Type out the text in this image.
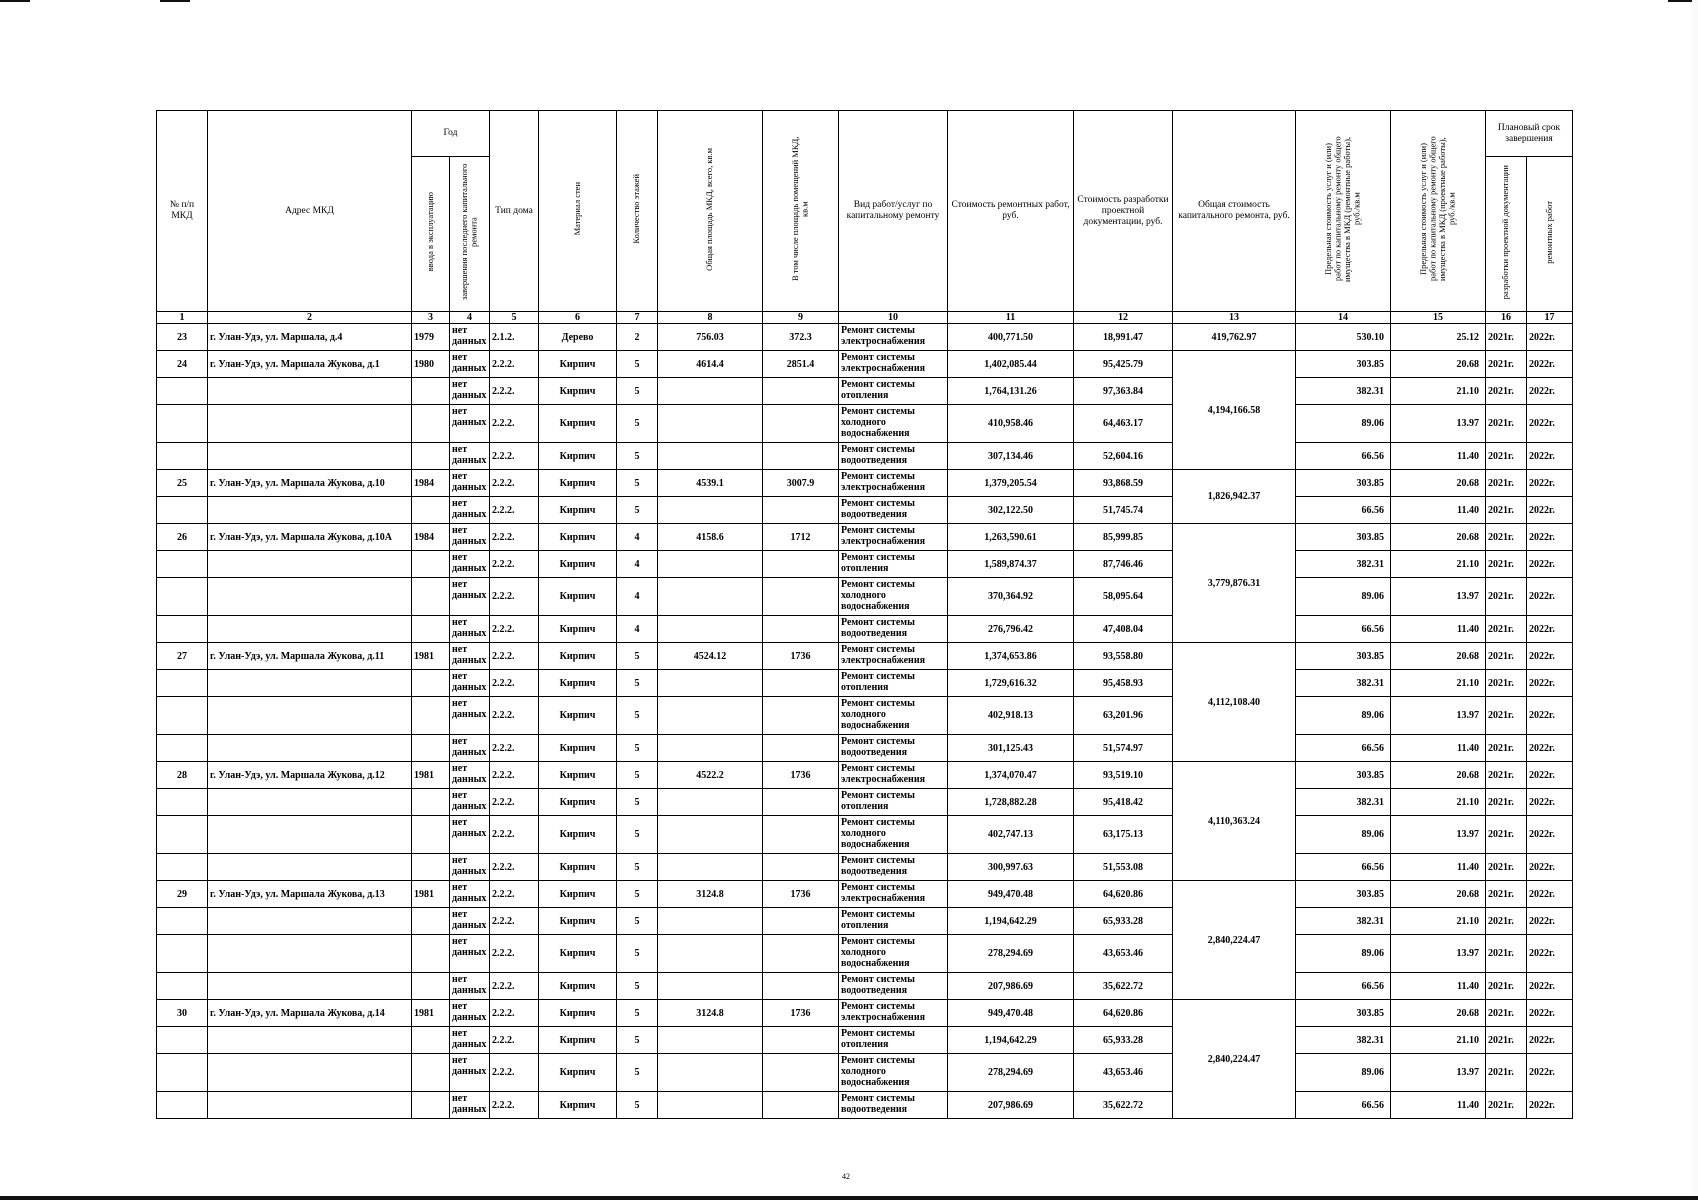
№ п/п МКД	Адрес МКД	Год		Тип дома	Материал стен	Количество этажей	Общая площадь МКД, всего, кв.м	В том числе площадь помещений МКД, кв.м	Вид работ/услуг по капитальному ремонту	Стоимость ремонтных работ, руб.	Стоимость разработки проектной документации, руб.	Общая стоимость капитального ремонта, руб.	Предельная стоимость услуг и (или) работ по капитальному ремонту общего имущества в МКД (ремонтные работы), руб./кв.м	Предельная стоимость услуг и (или) работ по капитальному ремонту общего имущества в МКД (проектные работы), руб./кв.м	Плановый срок завершения	
		ввода в эксплуатацию	завершения последнего капитального ремонта												разработки проектной документации	ремонтных работ
1	2	3	4	5	6	7	8	9	10	11	12	13	14	15	16	17
23	г. Улан-Удэ, ул. Маршала, д.4	1979	нет данных	2.1.2.	Дерево	2	756.03	372.3	Ремонт системы электроснабжения	400,771.50	18,991.47	419,762.97	530.10	25.12	2021г.	2022г.
24	г. Улан-Удэ, ул. Маршала Жукова, д.1	1980	нет данных	2.2.2.	Кирпич	5	4614.4	2851.4	Ремонт системы электроснабжения	1,402,085.44	95,425.79	4,194,166.58	303.85	20.68	2021г.	2022г.
			нет данных	2.2.2.	Кирпич	5			Ремонт системы отопления	1,764,131.26	97,363.84		382.31	21.10	2021г.	2022г.
			нет данных	2.2.2.	Кирпич	5			Ремонт системы холодного водоснабжения	410,958.46	64,463.17		89.06	13.97	2021г.	2022г.
			нет данных	2.2.2.	Кирпич	5			Ремонт системы водоотведения	307,134.46	52,604.16		66.56	11.40	2021г.	2022г.
25	г. Улан-Удэ, ул. Маршала Жукова, д.10	1984	нет данных	2.2.2.	Кирпич	5	4539.1	3007.9	Ремонт системы электроснабжения	1,379,205.54	93,868.59	1,826,942.37	303.85	20.68	2021г.	2022г.
			нет данных	2.2.2.	Кирпич	5			Ремонт системы водоотведения	302,122.50	51,745.74		66.56	11.40	2021г.	2022г.
26	г. Улан-Удэ, ул. Маршала Жукова, д.10А	1984	нет данных	2.2.2.	Кирпич	4	4158.6	1712	Ремонт системы электроснабжения	1,263,590.61	85,999.85	3,779,876.31	303.85	20.68	2021г.	2022г.
			нет данных	2.2.2.	Кирпич	4			Ремонт системы отопления	1,589,874.37	87,746.46		382.31	21.10	2021г.	2022г.
			нет данных	2.2.2.	Кирпич	4			Ремонт системы холодного водоснабжения	370,364.92	58,095.64		89.06	13.97	2021г.	2022г.
			нет данных	2.2.2.	Кирпич	4			Ремонт системы водоотведения	276,796.42	47,408.04		66.56	11.40	2021г.	2022г.
27	г. Улан-Удэ, ул. Маршала Жукова, д.11	1981	нет данных	2.2.2.	Кирпич	5	4524.12	1736	Ремонт системы электроснабжения	1,374,653.86	93,558.80	4,112,108.40	303.85	20.68	2021г.	2022г.
			нет данных	2.2.2.	Кирпич	5			Ремонт системы отопления	1,729,616.32	95,458.93		382.31	21.10	2021г.	2022г.
			нет данных	2.2.2.	Кирпич	5			Ремонт системы холодного водоснабжения	402,918.13	63,201.96		89.06	13.97	2021г.	2022г.
			нет данных	2.2.2.	Кирпич	5			Ремонт системы водоотведения	301,125.43	51,574.97		66.56	11.40	2021г.	2022г.
28	г. Улан-Удэ, ул. Маршала Жукова, д.12	1981	нет данных	2.2.2.	Кирпич	5	4522.2	1736	Ремонт системы электроснабжения	1,374,070.47	93,519.10	4,110,363.24	303.85	20.68	2021г.	2022г.
			нет данных	2.2.2.	Кирпич	5			Ремонт системы отопления	1,728,882.28	95,418.42		382.31	21.10	2021г.	2022г.
			нет данных	2.2.2.	Кирпич	5			Ремонт системы холодного водоснабжения	402,747.13	63,175.13		89.06	13.97	2021г.	2022г.
			нет данных	2.2.2.	Кирпич	5			Ремонт системы водоотведения	300,997.63	51,553.08		66.56	11.40	2021г.	2022г.
29	г. Улан-Удэ, ул. Маршала Жукова, д.13	1981	нет данных	2.2.2.	Кирпич	5	3124.8	1736	Ремонт системы электроснабжения	949,470.48	64,620.86	2,840,224.47	303.85	20.68	2021г.	2022г.
			нет данных	2.2.2.	Кирпич	5			Ремонт системы отопления	1,194,642.29	65,933.28		382.31	21.10	2021г.	2022г.
			нет данных	2.2.2.	Кирпич	5			Ремонт системы холодного водоснабжения	278,294.69	43,653.46		89.06	13.97	2021г.	2022г.
			нет данных	2.2.2.	Кирпич	5			Ремонт системы водоотведения	207,986.69	35,622.72		66.56	11.40	2021г.	2022г.
30	г. Улан-Удэ, ул. Маршала Жукова, д.14	1981	нет данных	2.2.2.	Кирпич	5	3124.8	1736	Ремонт системы электроснабжения	949,470.48	64,620.86	2,840,224.47	303.85	20.68	2021г.	2022г.
			нет данных	2.2.2.	Кирпич	5			Ремонт системы отопления	1,194,642.29	65,933.28		382.31	21.10	2021г.	2022г.
			нет данных	2.2.2.	Кирпич	5			Ремонт системы холодного водоснабжения	278,294.69	43,653.46		89.06	13.97	2021г.	2022г.
			нет данных	2.2.2.	Кирпич	5			Ремонт системы водоотведения	207,986.69	35,622.72		66.56	11.40	2021г.	2022г.
42
